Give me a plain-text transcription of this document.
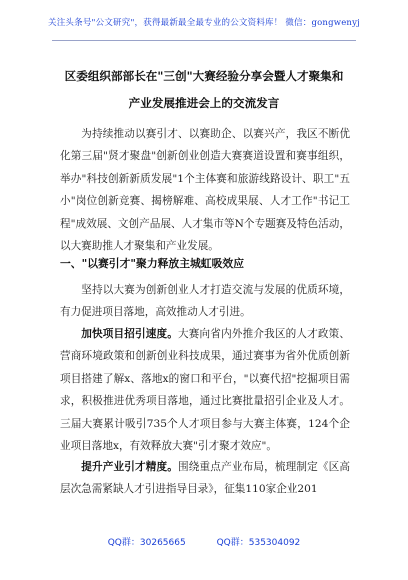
关注头条号"公文研究"，获得最新最全最专业的公文资料库！ 微信：gongwenyj
区委组织部部长在"三创"大赛经验分享会暨人才聚集和
产业发展推进会上的交流发言

为持续推动以赛引才、以赛助企、以赛兴产，我区不断优化第三届"贤才聚盘"创新创业创造大赛赛道设置和赛事组织，举办"科技创新新质发展"1个主体赛和旅游线路设计、职工"五小"岗位创新竞赛、揭榜解难、高校成果展、人才工作"书记工程"成效展、文创产品展、人才集市等N个专题赛及特色活动，以大赛助推人才聚集和产业发展。

一、"以赛引才"聚力释放主城虹吸效应

坚持以大赛为创新创业人才打造交流与发展的优质环境，有力促进项目落地，高效推动人才引进。

加快项目招引速度。大赛向省内外推介我区的人才政策、营商环境政策和创新创业科技成果，通过赛事为省外优质创新项目搭建了解x、落地x的窗口和平台，"以赛代招"挖掘项目需求，积极推进优秀项目落地，通过比赛批量招引企业及人才。三届大赛累计吸引735个人才项目参与大赛主体赛，124个企业项目落地x，有效释放大赛"引才聚才效应"。

提升产业引才精度。围绕重点产业布局，梳理制定《区高层次急需紧缺人才引进指导目录》，征集110家企业201

QQ群：30265665	QQ群：535304092
